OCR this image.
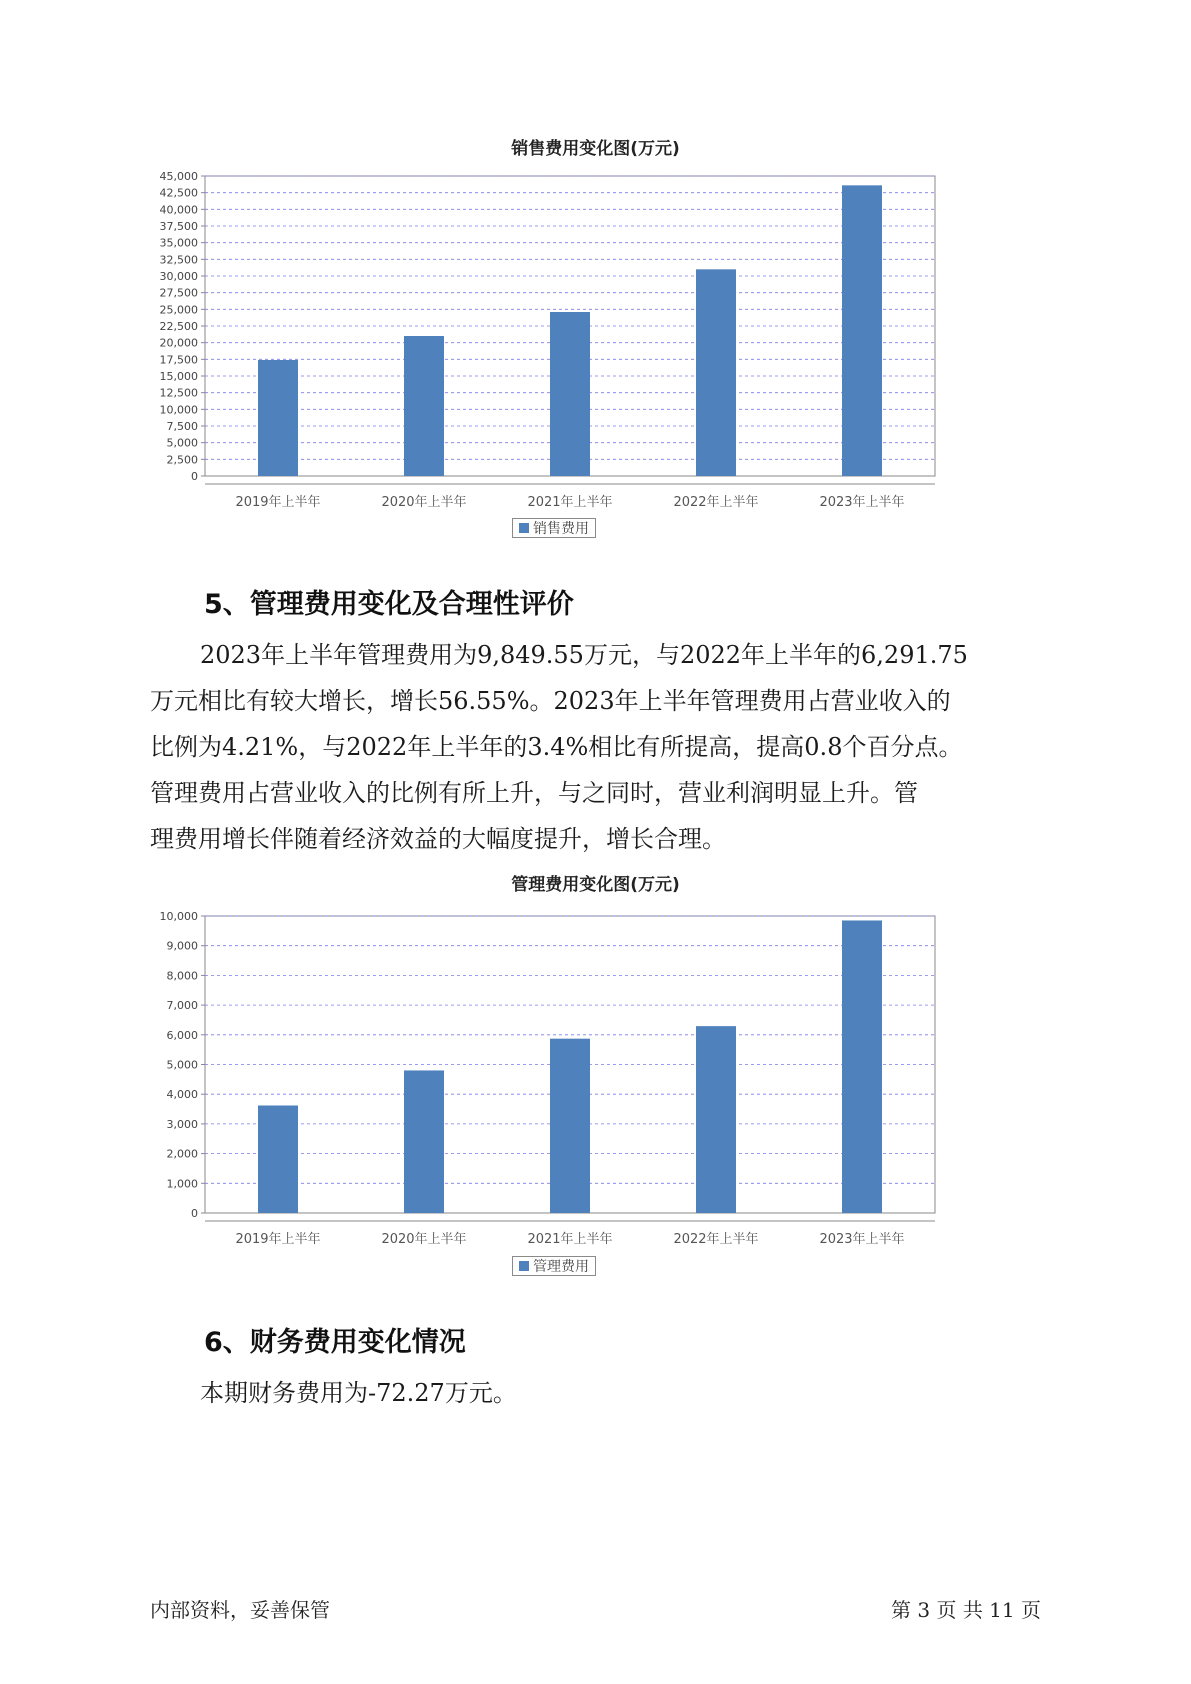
销售费用变化图(万元)
0
2,500
5,000
7,500
10,000
12,500
15,000
17,500
20,000
22,500
25,000
27,500
30,000
32,500
35,000
37,500
40,000
42,500
45,000
2019年上半年	2020年上半年	2021年上半年	2022年上半年	2023年上半年
销售费用
5、管理费用变化及合理性评价
2023年上半年管理费用为9,849.55万元，与2022年上半年的6,291.75
万元相比有较大增长，增长56.55%。2023年上半年管理费用占营业收入的
比例为4.21%，与2022年上半年的3.4%相比有所提高，提高0.8个百分点。
管理费用占营业收入的比例有所上升，与之同时，营业利润明显上升。管
理费用增长伴随着经济效益的大幅度提升，增长合理。
管理费用变化图(万元)
0
1,000
2,000
3,000
4,000
5,000
6,000
7,000
8,000
9,000
10,000
2019年上半年	2020年上半年	2021年上半年	2022年上半年	2023年上半年
管理费用
6、财务费用变化情况
本期财务费用为-72.27万元。
内部资料，妥善保管	第 3 页 共 11 页
